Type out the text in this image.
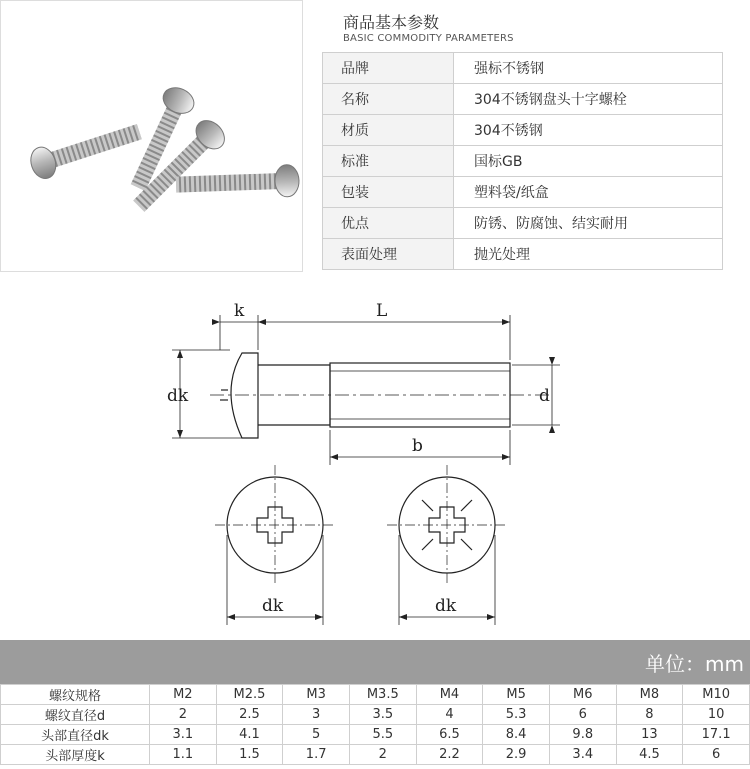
商品基本参数
BASIC COMMODITY PARAMETERS
品牌	强标不锈钢
名称	304不锈钢盘头十字螺栓
材质	304不锈钢
标准	国标GB
包装	塑料袋/纸盒
优点	防锈、防腐蚀、结实耐用
表面处理	抛光处理
k	L
dk	d
b
dk	dk
单位：mm
螺纹规格	M2	M2.5	M3	M3.5	M4	M5	M6	M8	M10
螺纹直径d	2	2.5	3	3.5	4	5.3	6	8	10
头部直径dk	3.1	4.1	5	5.5	6.5	8.4	9.8	13	17.1
头部厚度k	1.1	1.5	1.7	2	2.2	2.9	3.4	4.5	6
